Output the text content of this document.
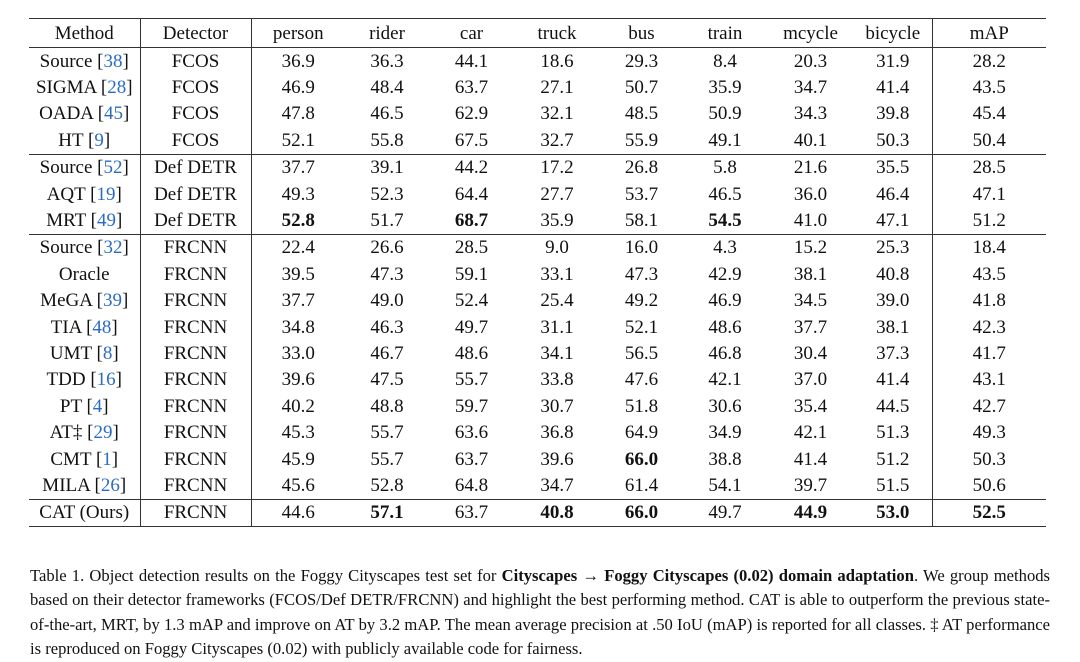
Method	Detector	person	rider	car	truck	bus	train	mcycle	bicycle	mAP
Source [38]	FCOS	36.9	36.3	44.1	18.6	29.3	8.4	20.3	31.9	28.2
SIGMA [28]	FCOS	46.9	48.4	63.7	27.1	50.7	35.9	34.7	41.4	43.5
OADA [45]	FCOS	47.8	46.5	62.9	32.1	48.5	50.9	34.3	39.8	45.4
HT [9]	FCOS	52.1	55.8	67.5	32.7	55.9	49.1	40.1	50.3	50.4
Source [52]	Def DETR	37.7	39.1	44.2	17.2	26.8	5.8	21.6	35.5	28.5
AQT [19]	Def DETR	49.3	52.3	64.4	27.7	53.7	46.5	36.0	46.4	47.1
MRT [49]	Def DETR	52.8	51.7	68.7	35.9	58.1	54.5	41.0	47.1	51.2
Source [32]	FRCNN	22.4	26.6	28.5	9.0	16.0	4.3	15.2	25.3	18.4
Oracle	FRCNN	39.5	47.3	59.1	33.1	47.3	42.9	38.1	40.8	43.5
MeGA [39]	FRCNN	37.7	49.0	52.4	25.4	49.2	46.9	34.5	39.0	41.8
TIA [48]	FRCNN	34.8	46.3	49.7	31.1	52.1	48.6	37.7	38.1	42.3
UMT [8]	FRCNN	33.0	46.7	48.6	34.1	56.5	46.8	30.4	37.3	41.7
TDD [16]	FRCNN	39.6	47.5	55.7	33.8	47.6	42.1	37.0	41.4	43.1
PT [4]	FRCNN	40.2	48.8	59.7	30.7	51.8	30.6	35.4	44.5	42.7
AT‡ [29]	FRCNN	45.3	55.7	63.6	36.8	64.9	34.9	42.1	51.3	49.3
CMT [1]	FRCNN	45.9	55.7	63.7	39.6	66.0	38.8	41.4	51.2	50.3
MILA [26]	FRCNN	45.6	52.8	64.8	34.7	61.4	54.1	39.7	51.5	50.6
CAT (Ours)	FRCNN	44.6	57.1	63.7	40.8	66.0	49.7	44.9	53.0	52.5

Table 1. Object detection results on the Foggy Cityscapes test set for Cityscapes → Foggy Cityscapes (0.02) domain adaptation. We group methods based on their detector frameworks (FCOS/Def DETR/FRCNN) and highlight the best performing method. CAT is able to outperform the previous state-of-the-art, MRT, by 1.3 mAP and improve on AT by 3.2 mAP. The mean average precision at .50 IoU (mAP) is reported for all classes. ‡ AT performance is reproduced on Foggy Cityscapes (0.02) with publicly available code for fairness.
